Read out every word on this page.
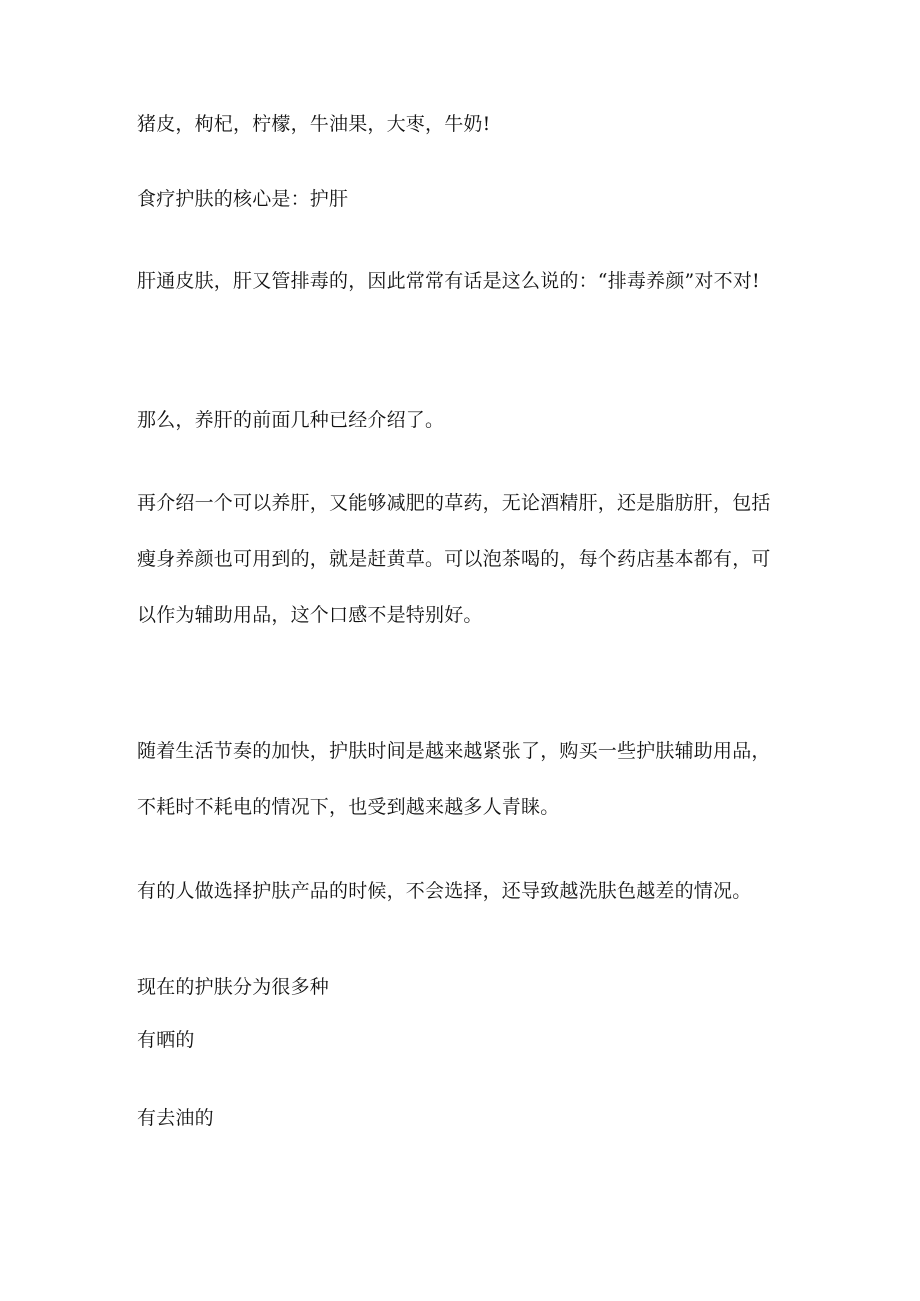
猪皮，枸杞，柠檬，牛油果，大枣，牛奶!

食疗护肤的核心是：护肝

肝通皮肤，肝又管排毒的，因此常常有话是这么说的：“排毒养颜”对不对!

那么，养肝的前面几种已经介绍了。

再介绍一个可以养肝，又能够减肥的草药，无论酒精肝，还是脂肪肝，包括瘦身养颜也可用到的，就是赶黄草。可以泡茶喝的，每个药店基本都有，可以作为辅助用品，这个口感不是特别好。

随着生活节奏的加快，护肤时间是越来越紧张了，购买一些护肤辅助用品，不耗时不耗电的情况下，也受到越来越多人青睐。

有的人做选择护肤产品的时候，不会选择，还导致越洗肤色越差的情况。

现在的护肤分为很多种

有晒的

有去油的
